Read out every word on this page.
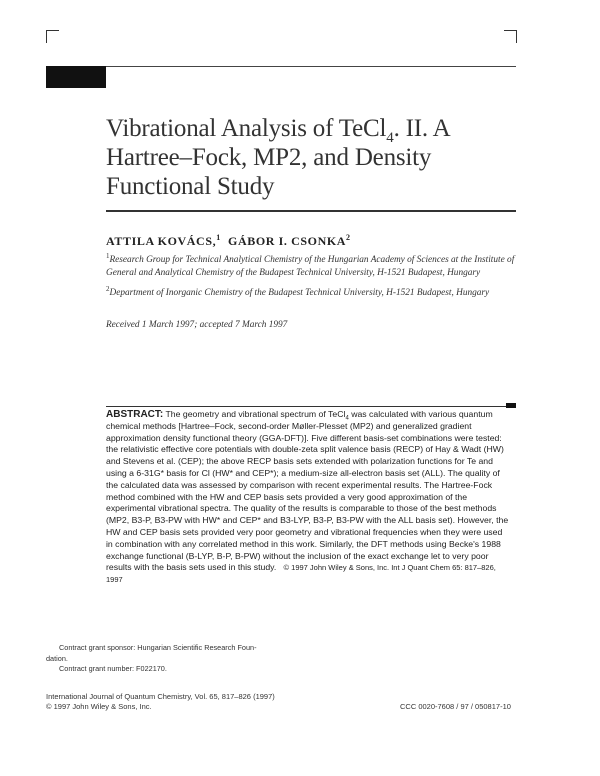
Vibrational Analysis of TeCl$_4$. II. A
Hartree–Fock, MP2, and Density
Functional Study
ATTILA KOVÁCS,$^1$ GÁBOR I. CSONKA$^2$
$^1$Research Group for Technical Analytical Chemistry of the Hungarian Academy of Sciences at the Institute of General and Analytical Chemistry of the Budapest Technical University, H-1521 Budapest, Hungary
$^2$Department of Inorganic Chemistry of the Budapest Technical University, H-1521 Budapest, Hungary
Received 1 March 1997; accepted 7 March 1997
ABSTRACT: The geometry and vibrational spectrum of TeCl$_4$ was calculated with various quantum chemical methods [Hartree–Fock, second-order Møller-Plesset (MP2) and generalized gradient approximation density functional theory (GGA-DFT)]. Five different basis-set combinations were tested: the relativistic effective core potentials with double-zeta split valence basis (RECP) of Hay & Wadt (HW) and Stevens et al. (CEP); the above RECP basis sets extended with polarization functions for Te and using a 6-31G* basis for Cl (HW* and CEP*); a medium-size all-electron basis set (ALL). The quality of the calculated data was assessed by comparison with recent experimental results. The Hartree-Fock method combined with the HW and CEP basis sets provided a very good approximation of the experimental vibrational spectra. The quality of the results is comparable to those of the best methods (MP2, B3-P, B3-PW with HW* and CEP* and B3-LYP, B3-P, B3-PW with the ALL basis set). However, the HW and CEP basis sets provided very poor geometry and vibrational frequencies when they were used in combination with any correlated method in this work. Similarly, the DFT methods using Becke's 1988 exchange functional (B-LYP, B-P, B-PW) without the inclusion of the exact exchange let to very poor results with the basis sets used in this study. © 1997 John Wiley & Sons, Inc. Int J Quant Chem 65: 817–826, 1997
Contract grant sponsor: Hungarian Scientific Research Foun-
dation.
Contract grant number: F022170.
International Journal of Quantum Chemistry, Vol. 65, 817–826 (1997)
© 1997 John Wiley & Sons, Inc.	CCC 0020-7608 / 97 / 050817-10
